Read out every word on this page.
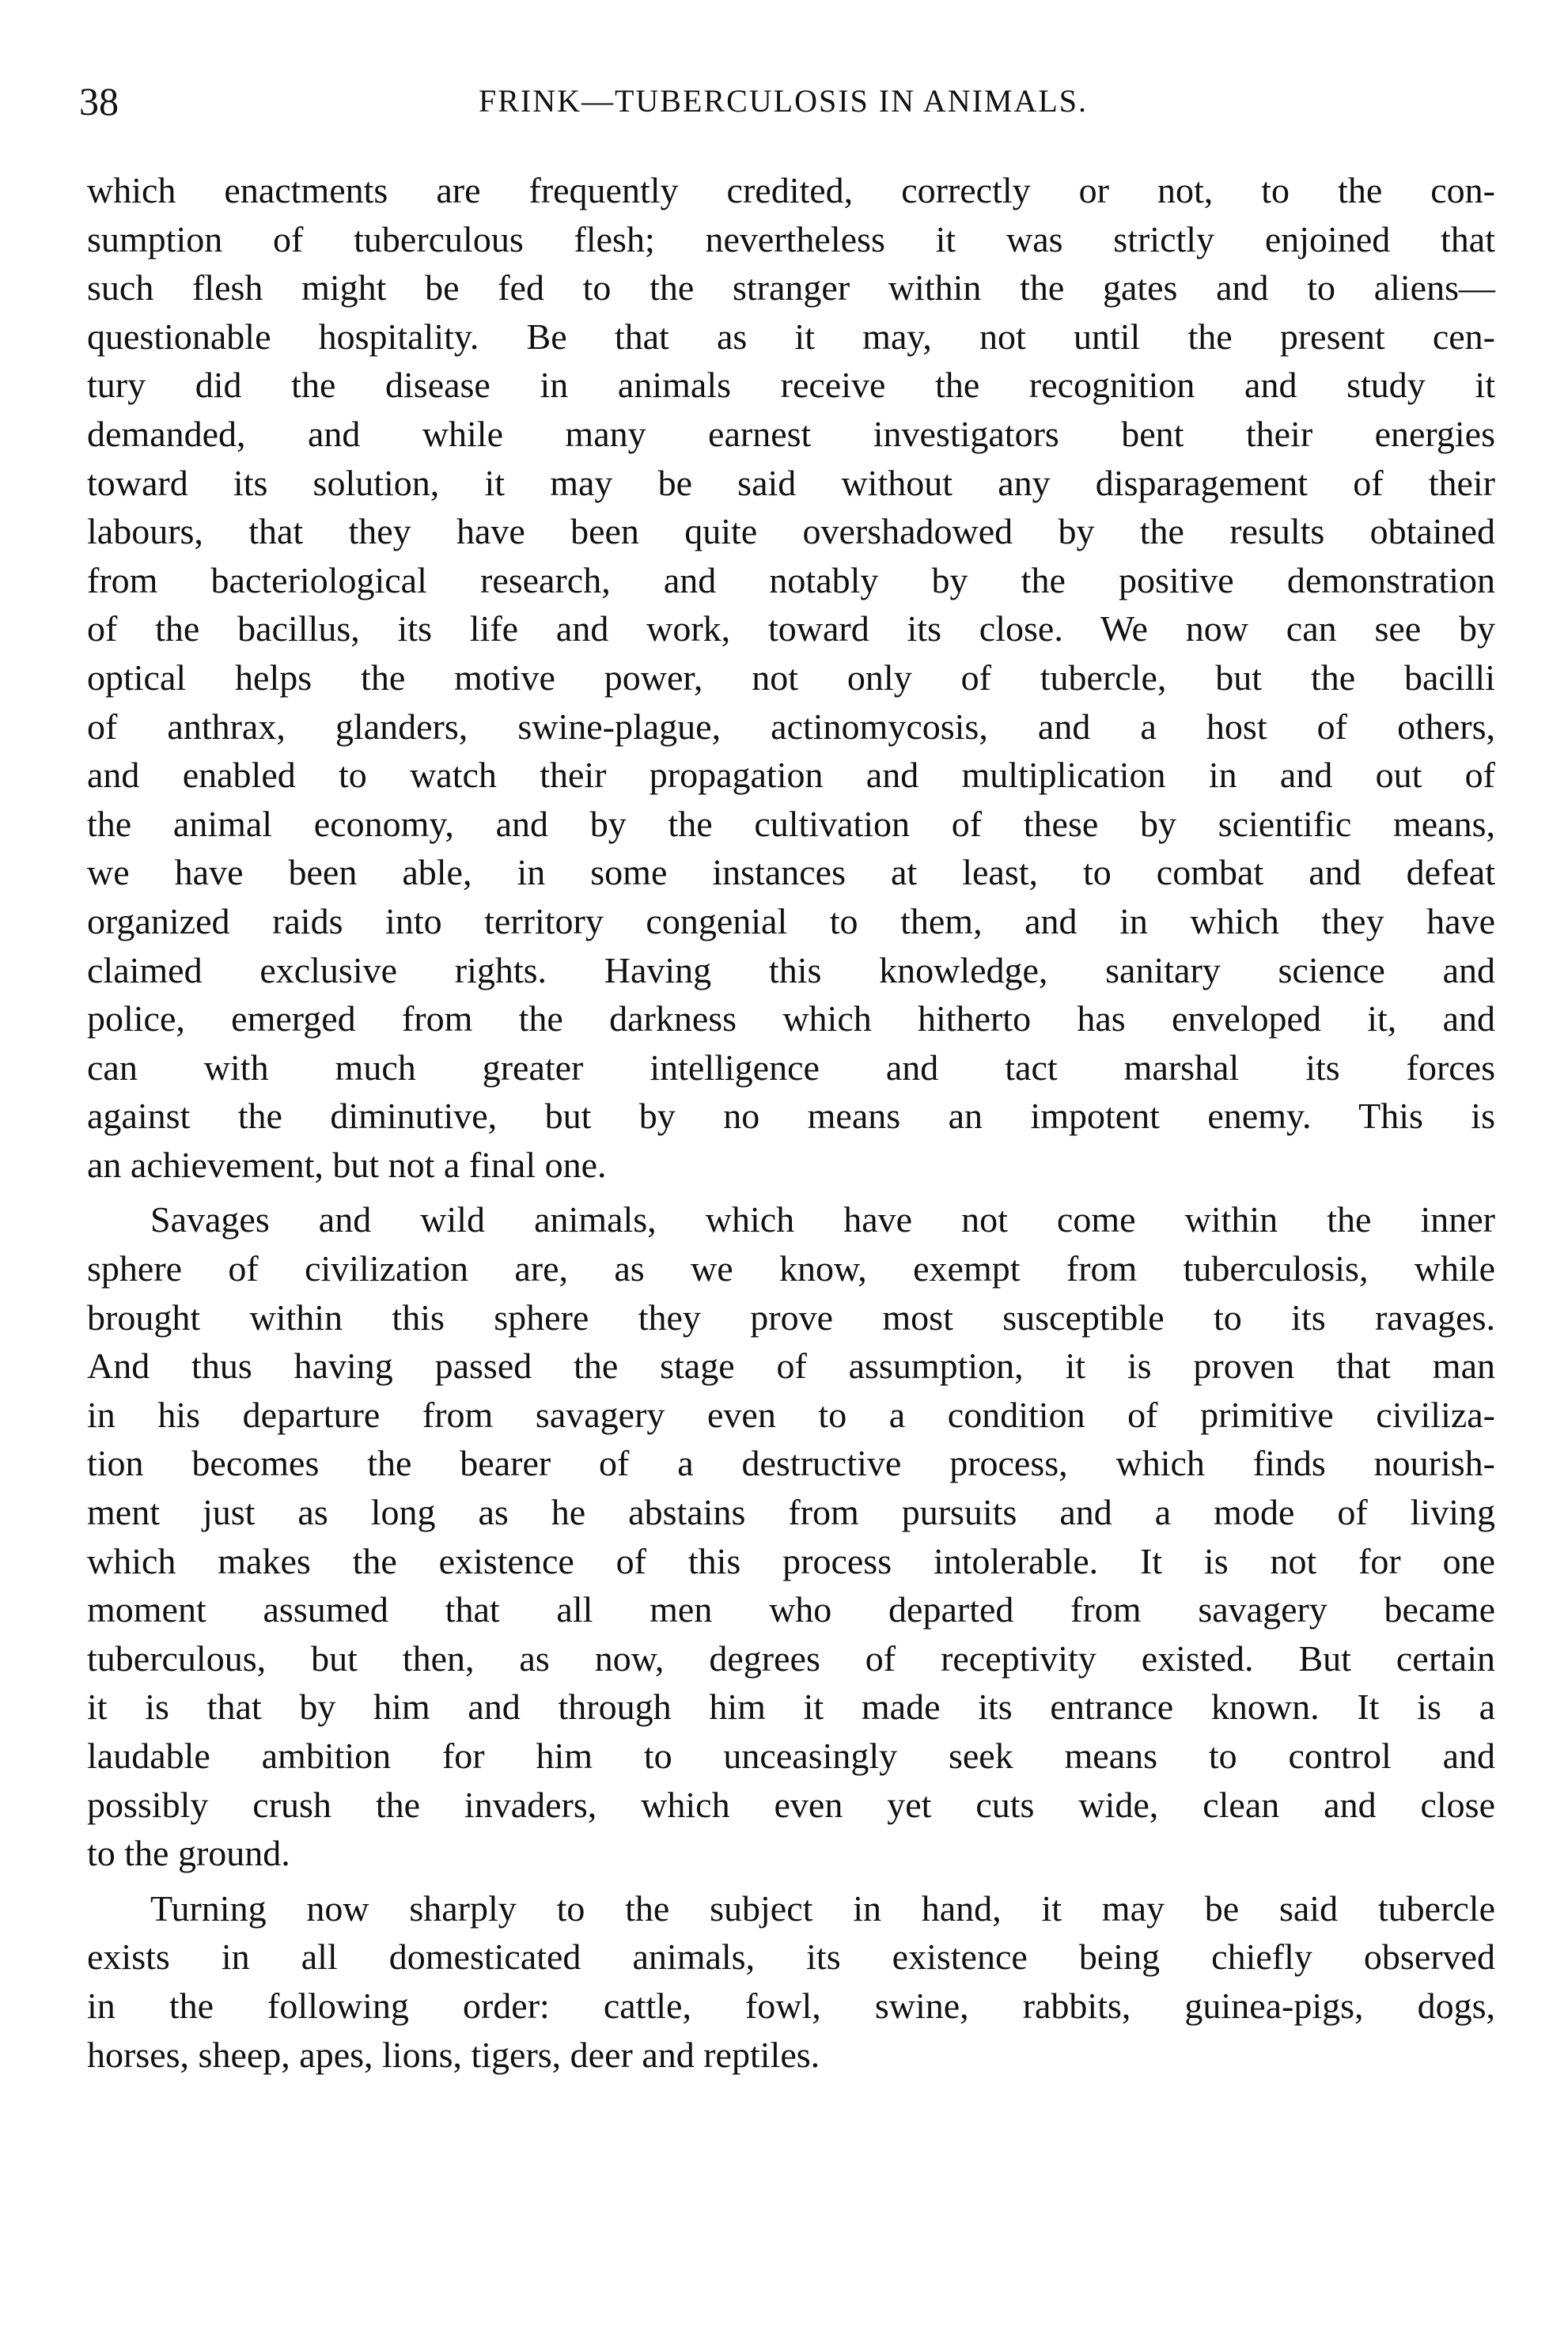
38	FRINK—TUBERCULOSIS IN ANIMALS.
which enactments are frequently credited, correctly or not, to the con-
sumption of tuberculous flesh; nevertheless it was strictly enjoined that
such flesh might be fed to the stranger within the gates and to aliens—
questionable hospitality. Be that as it may, not until the present cen-
tury did the disease in animals receive the recognition and study it
demanded, and while many earnest investigators bent their energies
toward its solution, it may be said without any disparagement of their
labours, that they have been quite overshadowed by the results obtained
from bacteriological research, and notably by the positive demonstration
of the bacillus, its life and work, toward its close. We now can see by
optical helps the motive power, not only of tubercle, but the bacilli
of anthrax, glanders, swine-plague, actinomycosis, and a host of others,
and enabled to watch their propagation and multiplication in and out of
the animal economy, and by the cultivation of these by scientific means,
we have been able, in some instances at least, to combat and defeat
organized raids into territory congenial to them, and in which they have
claimed exclusive rights. Having this knowledge, sanitary science and
police, emerged from the darkness which hitherto has enveloped it, and
can with much greater intelligence and tact marshal its forces
against the diminutive, but by no means an impotent enemy. This is
an achievement, but not a final one.
Savages and wild animals, which have not come within the inner
sphere of civilization are, as we know, exempt from tuberculosis, while
brought within this sphere they prove most susceptible to its ravages.
And thus having passed the stage of assumption, it is proven that man
in his departure from savagery even to a condition of primitive civiliza-
tion becomes the bearer of a destructive process, which finds nourish-
ment just as long as he abstains from pursuits and a mode of living
which makes the existence of this process intolerable. It is not for one
moment assumed that all men who departed from savagery became
tuberculous, but then, as now, degrees of receptivity existed. But certain
it is that by him and through him it made its entrance known. It is a
laudable ambition for him to unceasingly seek means to control and
possibly crush the invaders, which even yet cuts wide, clean and close
to the ground.
Turning now sharply to the subject in hand, it may be said tubercle
exists in all domesticated animals, its existence being chiefly observed
in the following order: cattle, fowl, swine, rabbits, guinea-pigs, dogs,
horses, sheep, apes, lions, tigers, deer and reptiles.
